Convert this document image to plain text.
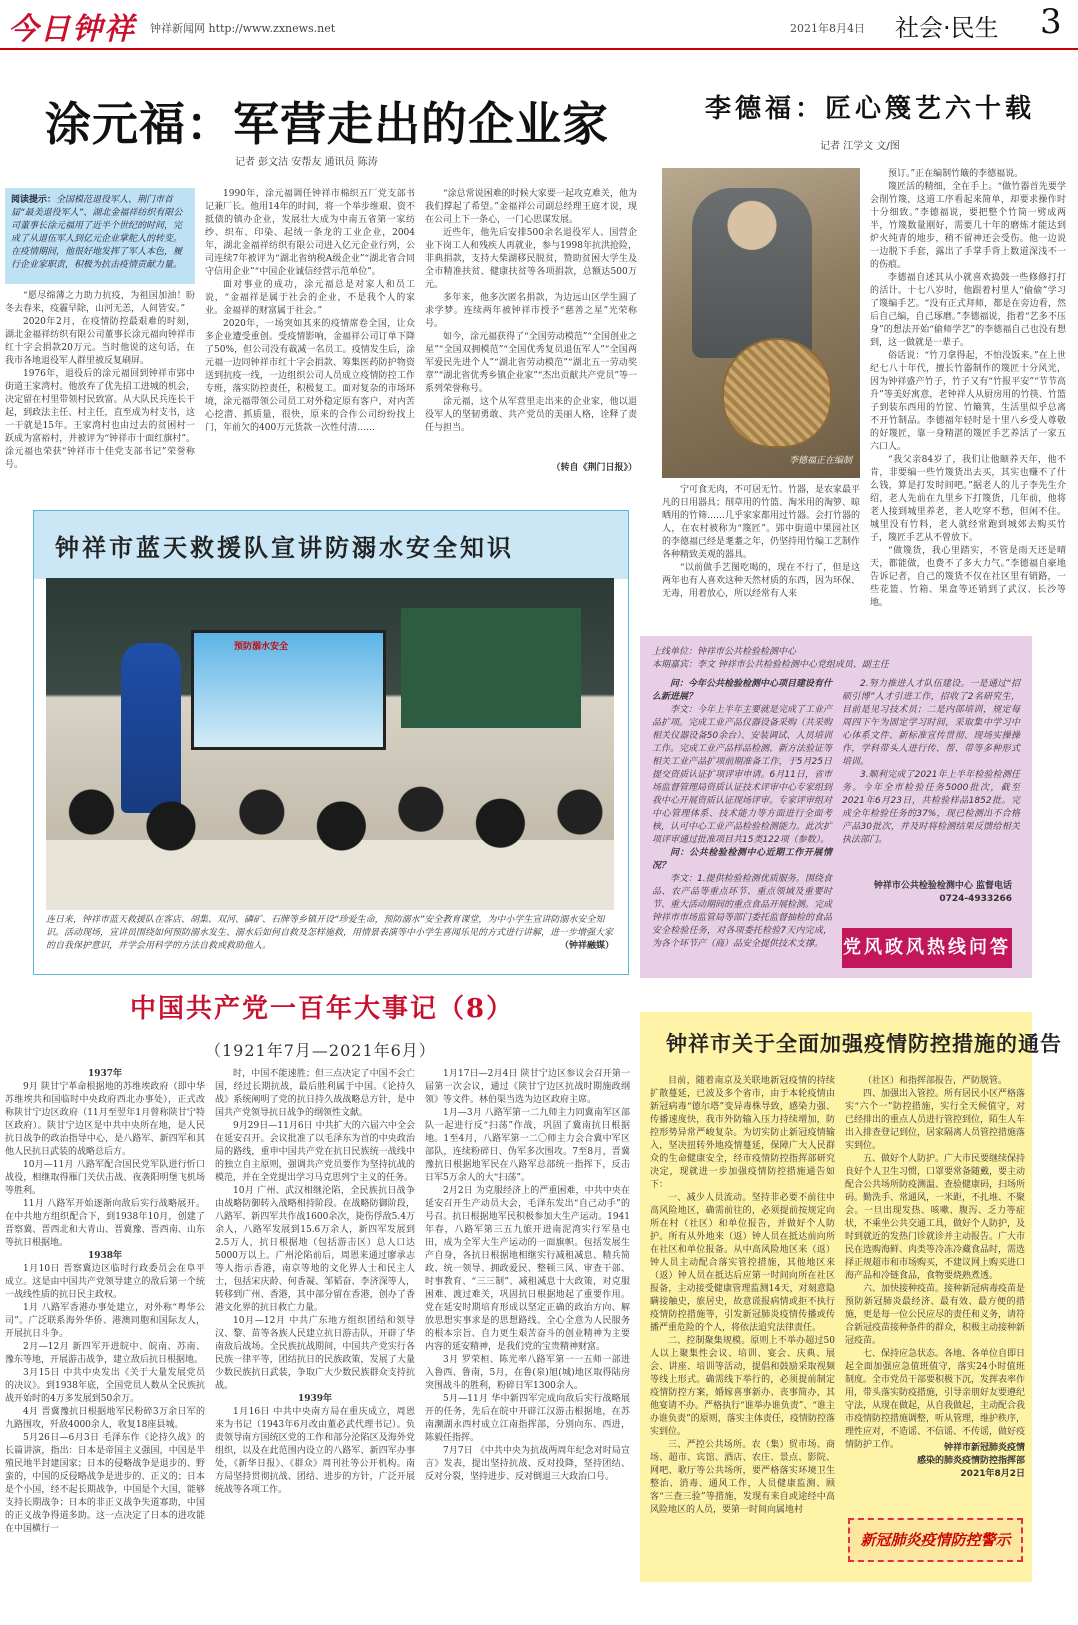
今日钟祥 钟祥新闻网 http://www.zxnews.net	2021年8月4日 社会·民生 3
涂元福：军营走出的企业家
记者 彭文洁 安帮友 通讯员 陈涛
阅读提示：全国模范退役军人、荆门市首届“最美退役军人”、湖北金福祥纺织有限公司董事长涂元福用了近半个世纪的时间，完成了从退伍军人到亿元企业掌舵人的转变。在疫情期间，他很好地发挥了军人本色，履行企业家职责，积极为抗击疫情贡献力量。

“愿尽绵薄之力助力抗疫，为祖国加油！盼冬去春来，疫霾早除，山河无恙，人间皆安。”

2020年2月，在疫情防控最艰难的时刻，湖北金福祥纺织有限公司董事长涂元福向钟祥市红十字会捐款20万元。当时他说的这句话，在我市各地退役军人群里被反复刷屏。

1976年，退役后的涂元福回到钟祥市郢中街道王家湾村。他放弃了优先招工进城的机会，决定留在村里带领村民致富。从大队民兵连长干起，到政法主任、村主任，直至成为村支书，这一干就是15年。王家湾村也由过去的贫困村一跃成为富裕村，并被评为“钟祥市十面红旗村”。涂元福也荣获“钟祥市十佳党支部书记”荣誉称号。

1990年，涂元福调任钟祥市棉织五厂党支部书记兼厂长。他用14年的时间，将一个举步维艰、资不抵债的镇办企业，发展壮大成为中南五省第一家纺纱、织布、印染、起绒一条龙的工业企业，2004年，湖北金福祥纺织有限公司进入亿元企业行列，公司连续7年被评为“湖北省纳税A级企业”“湖北省合同守信用企业”“中国企业诚信经营示范单位”。

面对事业的成功，涂元福总是对家人和员工说，“金福祥是属于社会的企业，不是我个人的家业。金福祥的财富属于社会。”

2020年，一场突如其来的疫情席卷全国，让众多企业遭受重创。受疫情影响，金福祥公司订单下降了50%，但公司没有裁减一名员工。疫情发生后，涂元福一边同钟祥市红十字会捐款、筹集医药防护物资送到抗疫一线，一边组织公司人员成立疫情防控工作专班，落实防控责任，积极复工。面对复杂的市场环境，涂元福带领公司员工对外稳定原有客户，对内苦心挖潜、抓质量，很快，原来的合作公司纷纷找上门，年前欠的400万元货款一次性付清……

“涂总常说困难的时候大家要一起攻克难关，他为我们撑起了希望。”金福祥公司副总经理王庭才说，现在公司上下一条心，一门心思谋发展。

近些年，他先后安排500余名退役军人、国营企业下岗工人和残疾人再就业，参与1998年抗洪抢险，非典捐款，支持大柴湖移民脱贫，赞助贫困大学生及全市精准扶贫、健康扶贫等各项捐款，总额达500万元。

多年来，他多次匿名捐款，为边远山区学生圆了求学梦。连续两年被钟祥市授予“慈善之星”光荣称号。

如今，涂元福获得了“全国劳动模范”“全国创业之星”“全国双拥模范”“全国优秀复员退伍军人”“全国两军爱民先进个人”“湖北省劳动模范”“湖北五一劳动奖章”“湖北省优秀乡镇企业家”“杰出贡献共产党员”等一系列荣誉称号。

涂元福，这个从军营里走出来的企业家，他以退役军人的坚韧勇敢、共产党员的美丽人格，诠释了责任与担当。

（转自《荆门日报》）
李德福：匠心篾艺六十载
记者 江学文 文/图
李德福正在编制

宁可食无肉，不可居无竹。竹器，是农家最平凡的日用器具；削草用的竹篮、淘米用的淘箩、晾晒用的竹筛……几乎家家都用过竹器。会打竹器的人，在农村被称为“篾匠”。郢中街道中果园社区的李德福已经是耄耋之年，仍坚持用竹编工艺制作各种精致美观的器具。

“以前做手艺图吃喝的，现在不行了，但是这两年也有人喜欢这种天然材质的东西，因为环保、无毒，用着放心，所以经常有人来

预订。”正在编制竹簸的李德福说。

篾匠活的精细，全在手上。“做竹器首先要学会削竹篾，这道工序看起来简单，却要求操作时十分细致。”李德福说，要把整个竹筒一劈成两半，竹篾数量刚好，需要几十年的磨炼才能达到炉火纯青的地步，稍不留神还会受伤。他一边说一边脱下手套，露出了手掌手背上数道深浅不一的伤痕。

李德福自述其从小就喜欢捣鼓一些修修打打的活计。十七八岁时，他跟着村里人“偷偷”学习了篾编手艺。“没有正式拜师，都是在旁边看，然后自己编，自己琢磨。”李德福说，指着“艺多不压身”的想法开始“偷师学艺”的李德福自己也没有想到，这一做就是一辈子。

俗话说：“竹刀拿得起，不怕没饭来。”在上世纪七八十年代，擅长竹器制作的篾匠十分风光，因为钟祥盛产竹子，竹子又有“竹报平安”“节节高升”等美好寓意，老钟祥人从厨房用的竹筷、竹篮子到装东西用的竹筐、竹簸箕，生活里似乎总离不开竹制品。李德福年轻时是十里八乡受人尊敬的好篾匠，靠一身精湛的篾匠手艺养活了一家五六口人。

“我父亲84岁了，我们让他颐养天年，他不肯，非要编一些竹篾货出去买，其实也赚不了什么钱，算是打发时间吧。”据老人的儿子李先生介绍，老人先前在九里乡下打篾货，几年前，他将老人接到城里养老，老人吃穿不愁，但闲不住。城里没有竹料，老人就经常跑到城郊去购买竹子，篾匠手艺从不曾放下。

“做篾货，我心里踏实，不管是雨天还是晴天，都能做，也费不了多大力气。”李德福自豪地告诉记者，自己的篾货不仅在社区里有销路，一些花篮、竹箱、果盒等还销到了武汉、长沙等地。

钟祥市蓝天救援队宣讲防溺水安全知识
预防溺水安全
连日来，钟祥市蓝天救援队在客店、胡集、双河、磷矿、石牌等乡镇开设“珍爱生命，预防溺水”安全教育课堂，为中小学生宣讲防溺水安全知识。活动现场，宣讲员围绕如何预防溺水发生、溺水后如何自救及怎样施救，用情景表演等中小学生喜闻乐见的方式进行讲解，进一步增强大家的自我保护意识，并学会用科学的方法自救或救助他人。	（钟祥融媒）
上线单位：钟祥市公共检验检测中心
本期嘉宾：李文 钟祥市公共检验检测中心党组成员、副主任

问：今年公共检验检测中心项目建设有什么新进展？

李文：今年上半年主要就是完成了工业产品扩项。完成工业产品仪器设备采购（共采购相关仪器设备50余台）、安装调试、人员培训工作。完成工业产品样品检测、新方法验证等相关工业产品扩项前期准备工作，于5月25日提交资质认证扩项评审申请。6月11日，省市场监督管理局资质认证技术评审中心专家组到我中心开展资质认证现场评审。专家评审组对中心管理体系、技术能力等方面进行全面考核，认可中心工业产品检验检测能力。此次扩项评审通过批准项目共15类122项（参数）。

问：公共检验检测中心近期工作开展情况？

李文：1.提供检验检测优质服务。围绕食品、农产品等重点环节、重点领域及重要时节、重大活动期间的重点食品开展检测。完成钟祥市市场监管局等部门委托监督抽检的食品安全检验任务，对各项委托检验7天内完成，为各个环节产（商）品安全提供技术支撑。

2.努力推进人才队伍建设。一是通过“招硕引博”人才引进工作，招收了2名研究生，目前是见习技术员；二是内部培训，规定每周四下午为固定学习时间，采取集中学习中心体系文件、新标准宣传贯彻、现场实操操作，学科带头人进行传、帮、带等多种形式培训。

3.顺利完成了2021年上半年检验检测任务。今年全市检验任务5000批次，截至2021年6月23日，共检验样品1852批。完成全年检验任务的37%，现已检测出不合格产品30批次，并及时将检测结果反馈给相关执法部门。

钟祥市公共检验检测中心 监督电话 0724-4933266
党风政风热线问答
中国共产党一百年大事记（8）
（1921年7月—2021年6月）

1937年

9月 陕甘宁革命根据地的苏维埃政府（即中华苏维埃共和国临时中央政府西北办事处），正式改称陕甘宁边区政府（11月至翌年1月曾称陕甘宁特区政府）。陕甘宁边区是中共中央所在地，是人民抗日战争的政治指导中心，是八路军、新四军和其他人民抗日武装的战略总后方。

10月—11月 八路军配合国民党军队进行忻口战役，相继取得雁门关伏击战、夜袭阳明堡飞机场等胜利。

11月 八路军开始逐渐向敌后实行战略展开。在中共地方组织配合下，到1938年10月，创建了晋察冀、晋西北和大青山、晋冀豫、晋西南、山东等抗日根据地。

1938年

1月10日 晋察冀边区临时行政委员会在阜平成立。这是由中国共产党领导建立的敌后第一个统一战线性质的抗日民主政权。

1月 八路军香港办事处建立，对外称“粤华公司”。广泛联系海外华侨、港澳同胞和国际友人，开展抗日斗争。

2月—12月 新四军开进皖中、皖南、苏南、豫东等地，开展游击战争，建立敌后抗日根据地。

3月15日 中共中央发出《关于大量发展党员的决议》。到1938年底，全国党员人数从全民族抗战开始时的4万多发展到50余万。

4月 晋冀豫抗日根据地军民粉碎3万余日军的九路围攻，歼敌4000余人，收复18座县城。

5月26日—6月3日 毛泽东作《论持久战》的长篇讲演，指出：日本是帝国主义强国，中国是半殖民地半封建国家；日本的侵略战争是退步的、野蛮的，中国的反侵略战争是进步的、正义的；日本是个小国，经不起长期战争，中国是个大国，能够支持长期战争；日本的非正义战争失道寡助，中国的正义战争得道多助。这一点决定了日本的进攻能在中国横行一

时，中国不能速胜；但三点决定了中国不会亡国，经过长期抗战，最后胜利属于中国。《论持久战》系统阐明了党的抗日持久战战略总方针，是中国共产党领导抗日战争的纲领性文献。

9月29日—11月6日 中共扩大的六届六中全会在延安召开。会议批准了以毛泽东为首的中央政治局的路线，重申中国共产党在抗日民族统一战线中的独立自主原则，强调共产党员要作为坚持抗战的模范，并在全党提出学习马克思列宁主义的任务。

10月 广州、武汉相继沦陷，全民族抗日战争由战略防御转入战略相持阶段。在战略防御阶段，八路军、新四军共作战1600余次，毙伤俘敌5.4万余人，八路军发展到15.6万余人，新四军发展到2.5万人，抗日根据地（包括游击区）总人口达5000万以上。广州沦陷前后，周恩来通过廖承志等人指示香港，南京等地的文化界人士和民主人士，包括宋庆龄、何香凝、邹韬奋、李济深等人，转移到广州、香港，其中部分留在香港，创办了香港文化界的抗日救亡力量。

10月—12月 中共广东地方组织团结和领导汉、黎、苗等各族人民建立抗日游击队，开辟了华南敌后战场。全民族抗战期间，中国共产党实行各民族一律平等，团结抗日的民族政策，发展了大量少数民族抗日武装，争取广大少数民族群众支持抗战。

1939年

1月16日 中共中央南方局在重庆成立，周恩来为书记（1943年6月改由董必武代理书记）。负责领导南方国统区党的工作和部分沦陷区及海外党组织，以及在此范围内设立的八路军、新四军办事处，《新华日报》、《群众》周刊社等公开机构。南方局坚持贯彻抗战、团结、进步的方针，广泛开展统战等各项工作。

1月17日—2月4日 陕甘宁边区参议会召开第一届第一次会议，通过《陕甘宁边区抗战时期施政纲领》等文件。林伯渠当选为边区政府主席。

1月—3月 八路军第一二九师主力同冀南军区部队一起进行反“扫荡”作战，巩固了冀南抗日根据地。1至4月，八路军第一二〇师主力会合冀中军区部队，连续粉碎日、伪军多次围攻。7至8月，晋冀豫抗日根据地军民在八路军总部统一指挥下，反击日军5万余人的大“扫荡”。

2月2日 为克服经济上的严重困难，中共中央在延安召开生产动员大会，毛泽东发出“自己动手”的号召。抗日根据地军民积极参加大生产运动。1941年春，八路军第三五九旅开进南泥湾实行军垦屯田，成为全军大生产运动的一面旗帜。包括发展生产自身，各抗日根据地相继实行减租减息、精兵简政、统一领导、拥政爱民、整顿三风、审查干部、时事教育、“三三制”、减租减息十大政策，对克服困难、渡过难关，巩固抗日根据地起了重要作用。党在延安时期培育形成以坚定正确的政治方向、解放思想实事求是的思想路线、全心全意为人民服务的根本宗旨、自力更生艰苦奋斗的创业精神为主要内容的延安精神，是我们党的宝贵精神财富。

3月 罗荣桓、陈光率八路军第一一五师一部进入鲁西、鲁南，5月，在鲁(泉)旭(城)地区取得陆房突围战斗的胜利，粉碎日军1300余人。

5月—11月 华中新四军完成向敌后实行战略展开的任务，先后在皖中开辟江汉游击根据地，在苏南濒湖永西村成立江南指挥部，分别向东、西进，陈毅任指挥。

7月7日 《中共中央为抗战两周年纪念对时局宣言》发表，提出坚持抗战、反对投降，坚持团结、反对分裂，坚持进步、反对倒退三大政治口号。

钟祥市关于全面加强疫情防控措施的通告

目前，随着南京及关联地新冠疫情的持续扩散蔓延，已波及多个省市，由于本轮疫情由新冠病毒“德尔塔”变异毒株导致，感染力强、传播速度快，我市外防输入压力持续增加，防控形势异常严峻复杂。为切实防止新冠疫情输入，坚决扭转外地疫情蔓延，保障广大人民群众的生命健康安全，经市疫情防控指挥部研究决定，现就进一步加强疫情防控措施通告如下：

一、减少人员流动。坚持非必要不前往中高风险地区，确需前往的，必须提前按规定向所在村（社区）和单位报告，并做好个人防护。所有从外地来（返）钟人员在抵达前向所在社区和单位报备。从中高风险地区来（返）钟人员主动配合落实管控措施，其他地区来（返）钟人员在抵达后应第一时间向所在社区报备，主动接受健康管理监测14天，对刻意隐瞒接触史，旅居史，故意谎报病情或拒不执行疫情防控措施等，引发新冠肺炎疫情传播或传播严重危险的个人，将依法追究法律责任。

二、控制聚集规模。原则上不举办超过50人以上聚集性会议、培训、宴会、庆典、展会、讲座、培训等活动，提倡和鼓励采取视频等线上形式。确需线下举行的，必须提前制定疫情防控方案，婚嫁喜事新办、丧事简办，其他宴请不办。严格执行“谁举办谁负责”、“谁主办谁负责”的原则，落实主体责任，疫情防控落实到位。

三、严控公共场所。农（集）贸市场、商场、超市、宾馆、酒店、农庄、景点、影院、网吧、歌厅等公共场所，要严格落实环境卫生整治、消毒、通风工作，人员健康监测、顾客“三查三验”等措施，发现有来自或途经中高风险地区的人员，要第一时间向属地村

（社区）和指挥部报告，严防脱管。

四、加强出入管控。所有居民小区严格落实“六个一”防控措施，实行全天候值守，对已经排出的重点人员进行管控到位，陌生人车出入排查登记到位，居家隔离人员管控措施落实到位。

五、做好个人防护。广大市民要继续保持良好个人卫生习惯，口罩要常备随戴，要主动配合公共场所防疫测温、查验健康码，扫场所码。勤洗手、常通风，一米距，不扎堆、不聚会。一旦出现发热、咳嗽、腹泻、乏力等症状，不乘坐公共交通工具，做好个人防护，及时到就近的发热门诊就诊并主动报告。广大市民在选购海鲜、肉类等冷冻冷藏食品时，需选择正规超市和市场购买，不建议网上购买进口海产品和冷链食品，食物要烧熟煮透。

六、加快接种疫苗。接种新冠病毒疫苗是预防新冠肺炎最经济、最有效、最方便的措施，更是每一位公民应尽的责任和义务，请符合新冠疫苗接种条件的群众，积极主动接种新冠疫苗。

七、保持应急状态。各地、各单位自即日起全面加强应急值班值守，落实24小时值班制度。全市党员干部要积极下沉，发挥表率作用，带头落实防疫措施，引导亲朋好友要遵纪守法，从现在做起，从自我做起，主动配合我市疫情防控措施调整，听从管理，维护秩序，理性应对，不造谣、不信谣、不传谣，做好疫情防护工作。	钟祥市新冠肺炎疫情
感染的肺炎疫情防控指挥部
2021年8月2日
新冠肺炎疫情防控警示
